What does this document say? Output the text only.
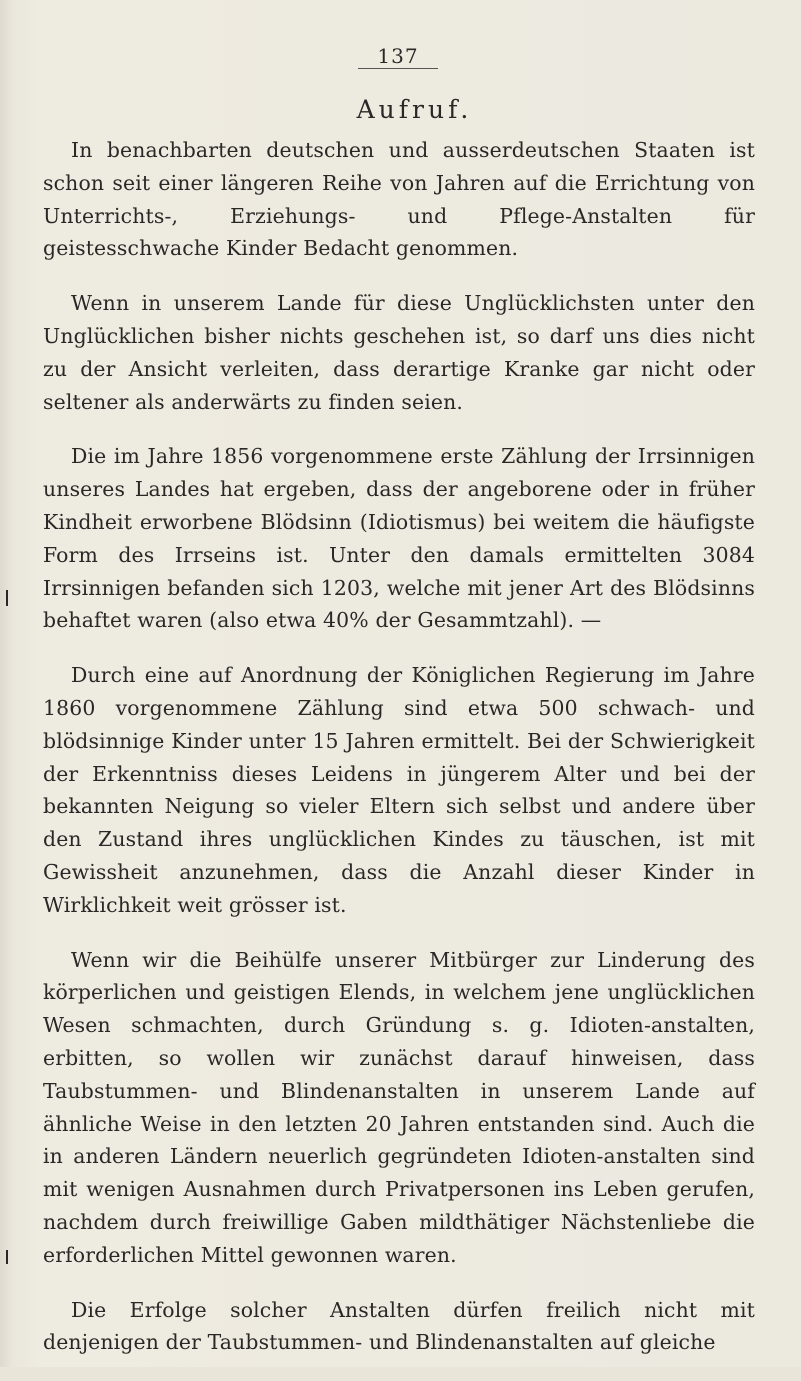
137
Aufruf.

In benachbarten deutschen und ausserdeutschen Staaten ist schon seit einer längeren Reihe von Jahren auf die Errichtung von Unterrichts-, Erziehungs- und Pflege-Anstalten für geistesschwache Kinder Bedacht genommen.

Wenn in unserem Lande für diese Unglücklichsten unter den Unglücklichen bisher nichts geschehen ist, so darf uns dies nicht zu der Ansicht verleiten, dass derartige Kranke gar nicht oder seltener als anderwärts zu finden seien.

Die im Jahre 1856 vorgenommene erste Zählung der Irrsinnigen unseres Landes hat ergeben, dass der angeborene oder in früher Kindheit erworbene Blödsinn (Idiotismus) bei weitem die häufigste Form des Irrseins ist. Unter den damals ermittelten 3084 Irrsinnigen befanden sich 1203, welche mit jener Art des Blödsinns behaftet waren (also etwa 40% der Gesammtzahl). —

Durch eine auf Anordnung der Königlichen Regierung im Jahre 1860 vorgenommene Zählung sind etwa 500 schwach- und blödsinnige Kinder unter 15 Jahren ermittelt. Bei der Schwierigkeit der Erkenntniss dieses Leidens in jüngerem Alter und bei der bekannten Neigung so vieler Eltern sich selbst und andere über den Zustand ihres unglücklichen Kindes zu täuschen, ist mit Gewissheit anzunehmen, dass die Anzahl dieser Kinder in Wirklichkeit weit grösser ist.

Wenn wir die Beihülfe unserer Mitbürger zur Linderung des körperlichen und geistigen Elends, in welchem jene unglücklichen Wesen schmachten, durch Gründung s. g. Idioten-anstalten, erbitten, so wollen wir zunächst darauf hinweisen, dass Taubstummen- und Blindenanstalten in unserem Lande auf ähnliche Weise in den letzten 20 Jahren entstanden sind. Auch die in anderen Ländern neuerlich gegründeten Idioten-anstalten sind mit wenigen Ausnahmen durch Privatpersonen ins Leben gerufen, nachdem durch freiwillige Gaben mildthätiger Nächstenliebe die erforderlichen Mittel gewonnen waren.

Die Erfolge solcher Anstalten dürfen freilich nicht mit denjenigen der Taubstummen- und Blindenanstalten auf gleiche
